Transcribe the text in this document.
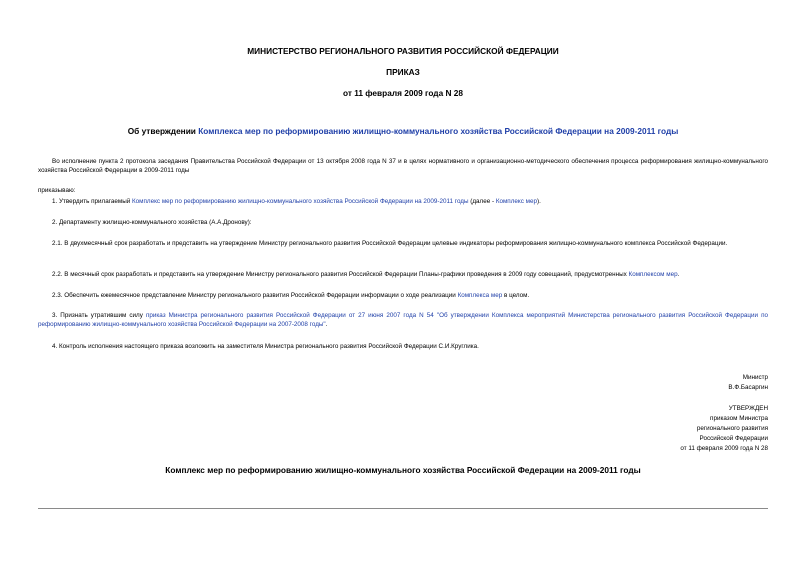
МИНИСТЕРСТВО РЕГИОНАЛЬНОГО РАЗВИТИЯ РОССИЙСКОЙ ФЕДЕРАЦИИ
ПРИКАЗ
от 11 февраля 2009 года N 28
Об утверждении Комплекса мер по реформированию жилищно-коммунального хозяйства Российской Федерации на 2009-2011 годы
Во исполнение пункта 2 протокола заседания Правительства Российской Федерации от 13 октября 2008 года N 37 и в целях нормативного и организационно-методического обеспечения процесса реформирования жилищно-коммунального хозяйства Российской Федерации в 2009-2011 годы
приказываю:
1. Утвердить прилагаемый Комплекс мер по реформированию жилищно-коммунального хозяйства Российской Федерации на 2009-2011 годы (далее - Комплекс мер).
2. Департаменту жилищно-коммунального хозяйства (А.А.Дронову):
2.1. В двухмесячный срок разработать и представить на утверждение Министру регионального развития Российской Федерации целевые индикаторы реформирования жилищно-коммунального комплекса Российской Федерации.
2.2. В месячный срок разработать и представить на утверждение Министру регионального развития Российской Федерации Планы-графики проведения в 2009 году совещаний, предусмотренных Комплексом мер.
2.3. Обеспечить ежемесячное представление Министру регионального развития Российской Федерации информации о ходе реализации Комплекса мер в целом.
3. Признать утратившим силу приказ Министра регионального развития Российской Федерации от 27 июня 2007 года N 54 "Об утверждении Комплекса мероприятий Министерства регионального развития Российской Федерации по реформированию жилищно-коммунального хозяйства Российской Федерации на 2007-2008 годы".
4. Контроль исполнения настоящего приказа возложить на заместителя Министра регионального развития Российской Федерации С.И.Круглика.
Министр
В.Ф.Басаргин
УТВЕРЖДЕН
приказом Министра
регионального развития
Российской Федерации
от 11 февраля 2009 года N 28
Комплекс мер по реформированию жилищно-коммунального хозяйства Российской Федерации на 2009-2011 годы
